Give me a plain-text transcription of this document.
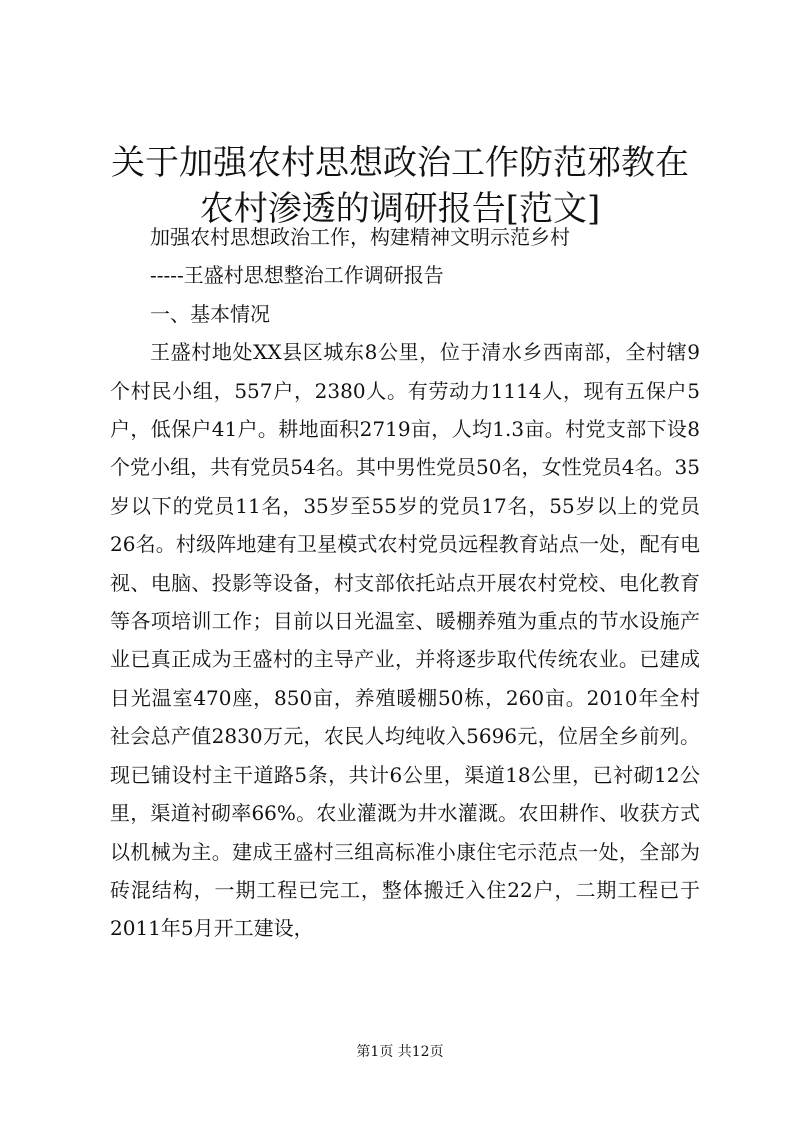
关于加强农村思想政治工作防范邪教在农村渗透的调研报告[范文]

加强农村思想政治工作，构建精神文明示范乡村

-----王盛村思想整治工作调研报告

一、基本情况

王盛村地处XX县区城东8公里，位于清水乡西南部，全村辖9个村民小组，557户，2380人。有劳动力1114人，现有五保户5户，低保户41户。耕地面积2719亩，人均1.3亩。村党支部下设8个党小组，共有党员54名。其中男性党员50名，女性党员4名。35岁以下的党员11名，35岁至55岁的党员17名，55岁以上的党员26名。村级阵地建有卫星模式农村党员远程教育站点一处，配有电视、电脑、投影等设备，村支部依托站点开展农村党校、电化教育等各项培训工作；目前以日光温室、暖棚养殖为重点的节水设施产业已真正成为王盛村的主导产业，并将逐步取代传统农业。已建成日光温室470座，850亩，养殖暖棚50栋，260亩。2010年全村社会总产值2830万元，农民人均纯收入5696元，位居全乡前列。现已铺设村主干道路5条，共计6公里，渠道18公里，已衬砌12公里，渠道衬砌率66%。农业灌溉为井水灌溉。农田耕作、收获方式以机械为主。建成王盛村三组高标准小康住宅示范点一处，全部为砖混结构，一期工程已完工，整体搬迁入住22户，二期工程已于2011年5月开工建设，

第1页 共12页
